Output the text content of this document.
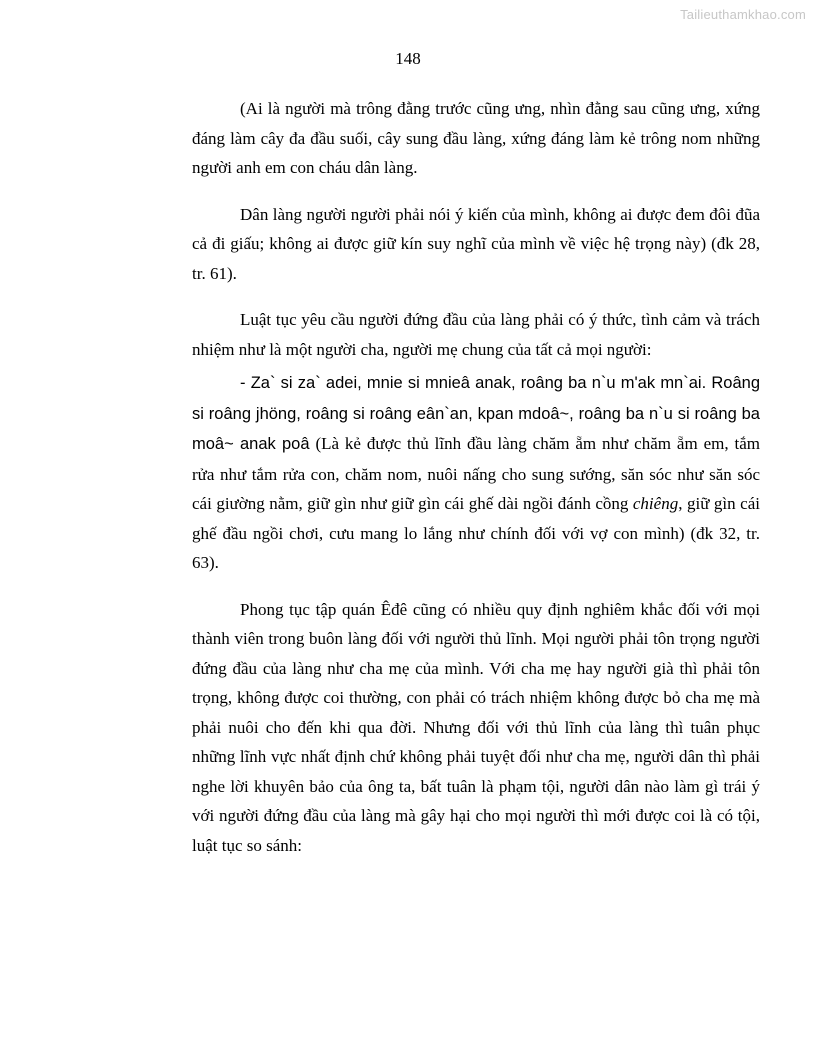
Tailieuthamkhao.com
148

(Ai là người mà trông đằng trước cũng ưng, nhìn đằng sau cũng ưng, xứng đáng làm cây đa đầu suối, cây sung đầu làng, xứng đáng làm kẻ trông nom những người anh em con cháu dân làng.

Dân làng người người phải nói ý kiến của mình, không ai được đem đôi đũa cả đi giấu; không ai được giữ kín suy nghĩ của mình về việc hệ trọng này) (đk 28, tr. 61).

Luật tục yêu cầu người đứng đầu của làng phải có ý thức, tình cảm và trách nhiệm như là một người cha, người mẹ chung của tất cả mọi người:

- Za` si za` adei, mnie si mnieâ anak, roâng ba n`u m'ak mn`ai. Roâng si roâng jhöng, roâng si roâng eân`an, kpan mdoâ~, roâng ba n`u si roâng ba moâ~ anak poâ (Là kẻ được thủ lĩnh đầu làng chăm ẵm như chăm ẵm em, tắm rửa như tắm rửa con, chăm nom, nuôi nấng cho sung sướng, săn sóc như săn sóc cái giường nằm, giữ gìn như giữ gìn cái ghế dài ngồi đánh cồng chiêng, giữ gìn cái ghế đầu ngồi chơi, cưu mang lo lắng như chính đối với vợ con mình) (đk 32, tr. 63).

Phong tục tập quán Êđê cũng có nhiều quy định nghiêm khắc đối với mọi thành viên trong buôn làng đối với người thủ lĩnh. Mọi người phải tôn trọng người đứng đầu của làng như cha mẹ của mình. Với cha mẹ hay người già thì phải tôn trọng, không được coi thường, con phải có trách nhiệm không được bỏ cha mẹ mà phải nuôi cho đến khi qua đời. Nhưng đối với thủ lĩnh của làng thì tuân phục những lĩnh vực nhất định chứ không phải tuyệt đối như cha mẹ, người dân thì phải nghe lời khuyên bảo của ông ta, bất tuân là phạm tội, người dân nào làm gì trái ý với người đứng đầu của làng mà gây hại cho mọi người thì mới được coi là có tội, luật tục so sánh:
